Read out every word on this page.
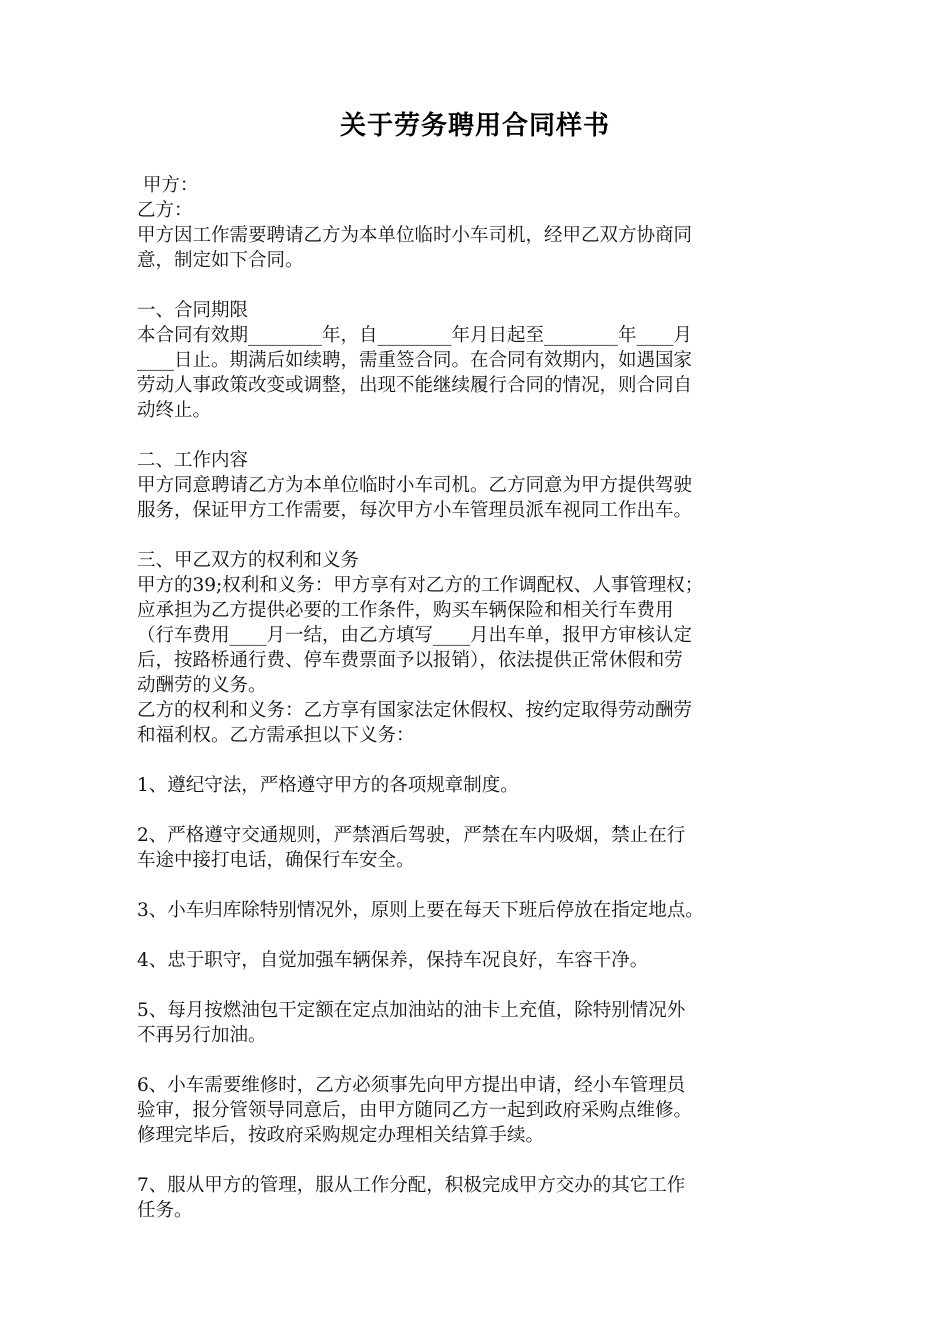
关于劳务聘用合同样书
甲方：
乙方：
甲方因工作需要聘请乙方为本单位临时小车司机，经甲乙双方协商同
意，制定如下合同。
一、合同期限
本合同有效期________年，自________年月日起至________年____月
____日止。期满后如续聘，需重签合同。在合同有效期内，如遇国家
劳动人事政策改变或调整，出现不能继续履行合同的情况，则合同自
动终止。
二、工作内容
甲方同意聘请乙方为本单位临时小车司机。乙方同意为甲方提供驾驶
服务，保证甲方工作需要，每次甲方小车管理员派车视同工作出车。
三、甲乙双方的权利和义务
甲方的39;权利和义务：甲方享有对乙方的工作调配权、人事管理权；
应承担为乙方提供必要的工作条件，购买车辆保险和相关行车费用
（行车费用____月一结，由乙方填写____月出车单，报甲方审核认定
后，按路桥通行费、停车费票面予以报销），依法提供正常休假和劳
动酬劳的义务。
乙方的权利和义务：乙方享有国家法定休假权、按约定取得劳动酬劳
和福利权。乙方需承担以下义务：
1、遵纪守法，严格遵守甲方的各项规章制度。
2、严格遵守交通规则，严禁酒后驾驶，严禁在车内吸烟，禁止在行
车途中接打电话，确保行车安全。
3、小车归库除特别情况外，原则上要在每天下班后停放在指定地点。
4、忠于职守，自觉加强车辆保养，保持车况良好，车容干净。
5、每月按燃油包干定额在定点加油站的油卡上充值，除特别情况外
不再另行加油。
6、小车需要维修时，乙方必须事先向甲方提出申请，经小车管理员
验审，报分管领导同意后，由甲方随同乙方一起到政府采购点维修。
修理完毕后，按政府采购规定办理相关结算手续。
7、服从甲方的管理，服从工作分配，积极完成甲方交办的其它工作
任务。
